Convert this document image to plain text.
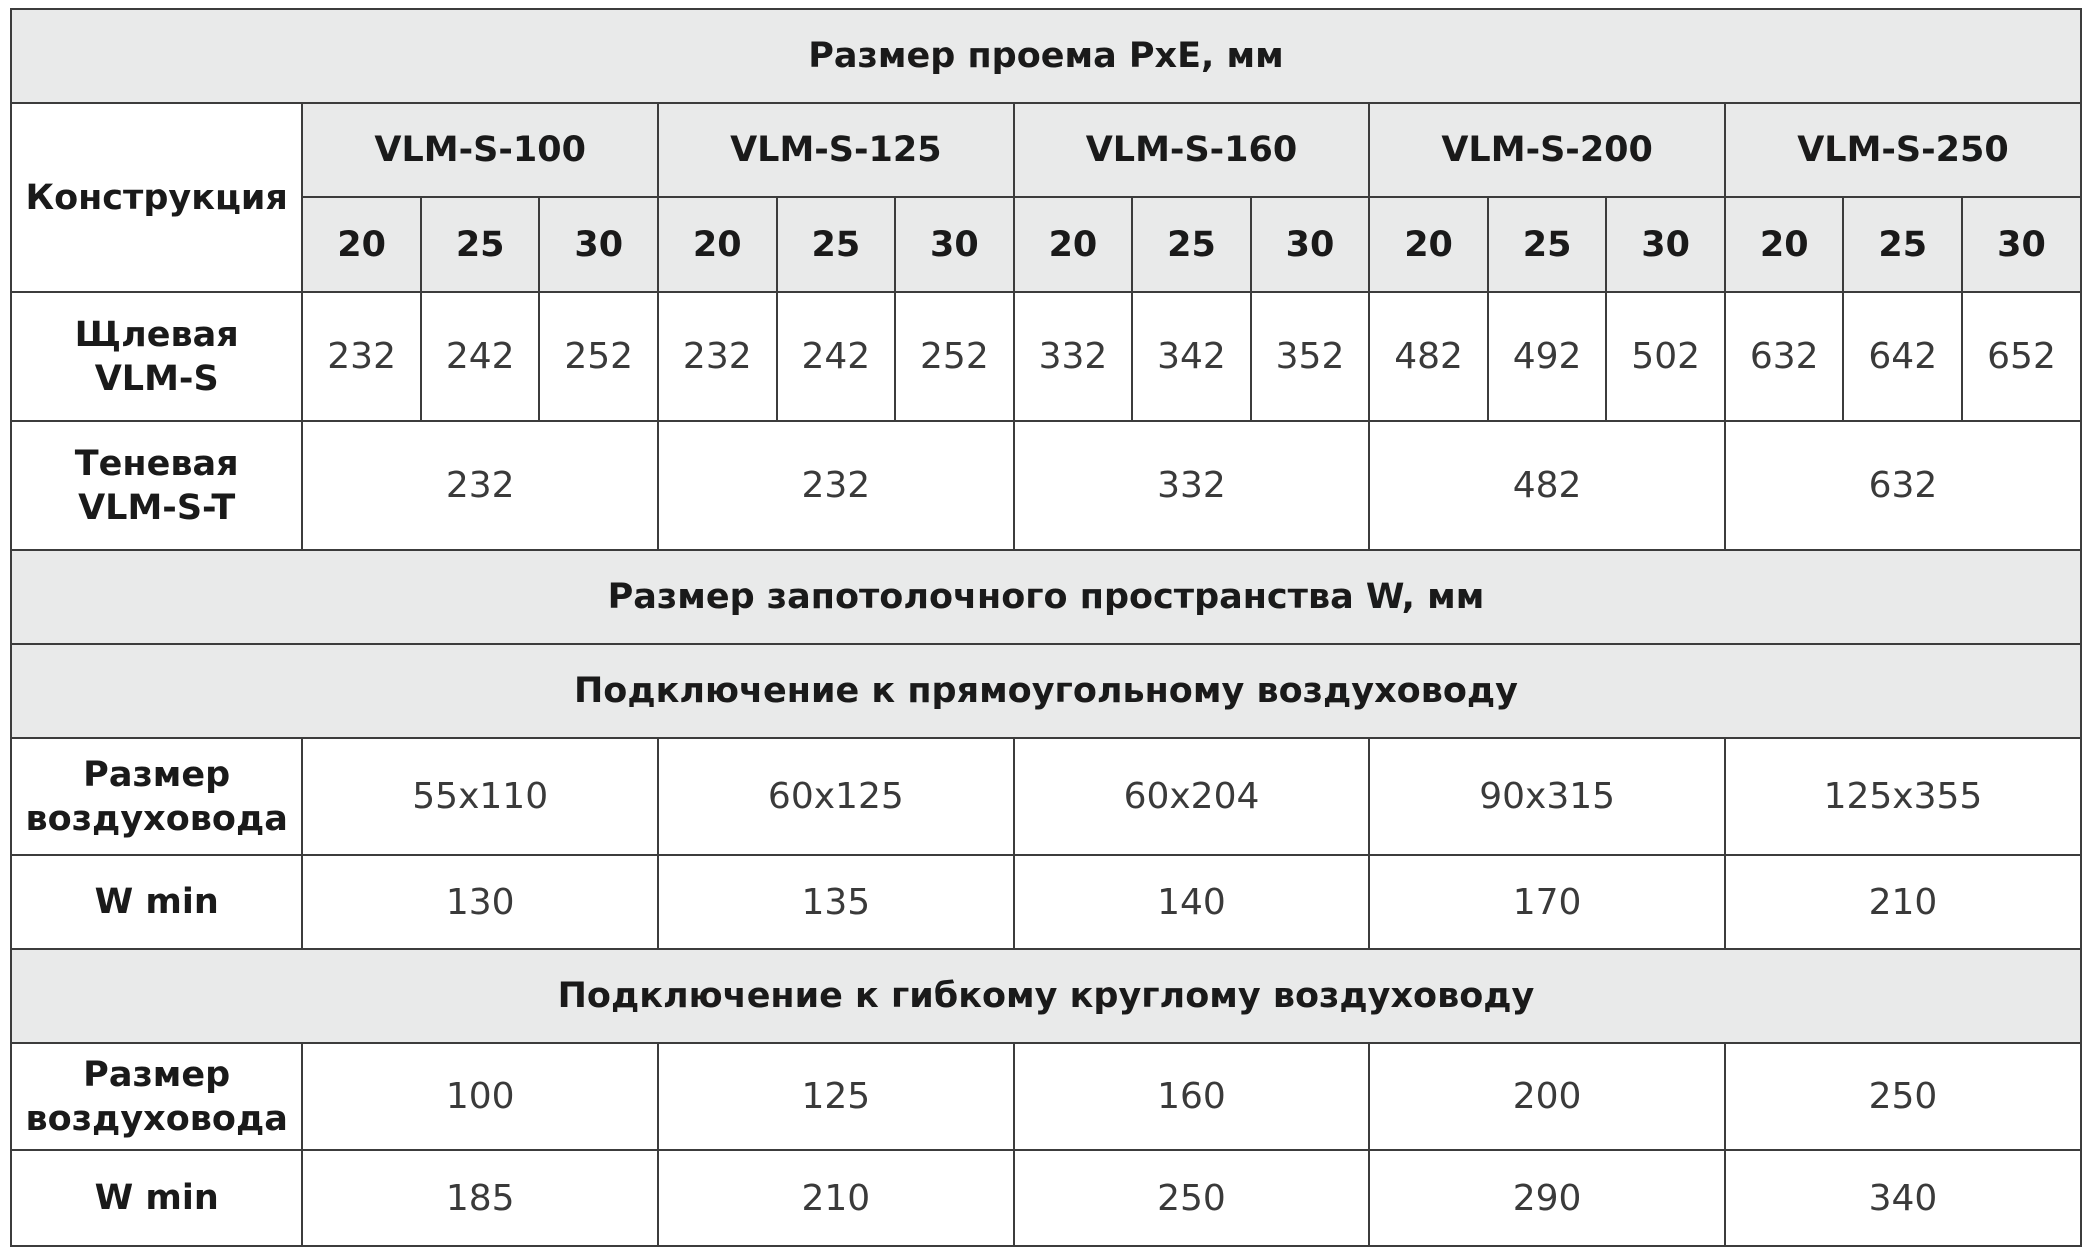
Размер проема PxE, мм															
Конструкция	VLM-S-100			VLM-S-125			VLM-S-160			VLM-S-200			VLM-S-250		
	20	25	30	20	25	30	20	25	30	20	25	30	20	25	30

Щлевая
VLM-S	232	242	252	232	242	252	332	342	352	482	492	502	632	642	652

Теневая
VLM-S-T	232			232			332			482			632		
Размер запотолочного пространства W, мм															
Подключение к прямоугольному воздуховоду															

Размер
воздуховода	55x110			60x125			60x204			90x315			125x355		
W min	130			135			140			170			210		
Подключение к гибкому круглому воздуховоду															

Размер
воздуховода	100			125			160			200			250		
W min	185			210			250			290			340		
